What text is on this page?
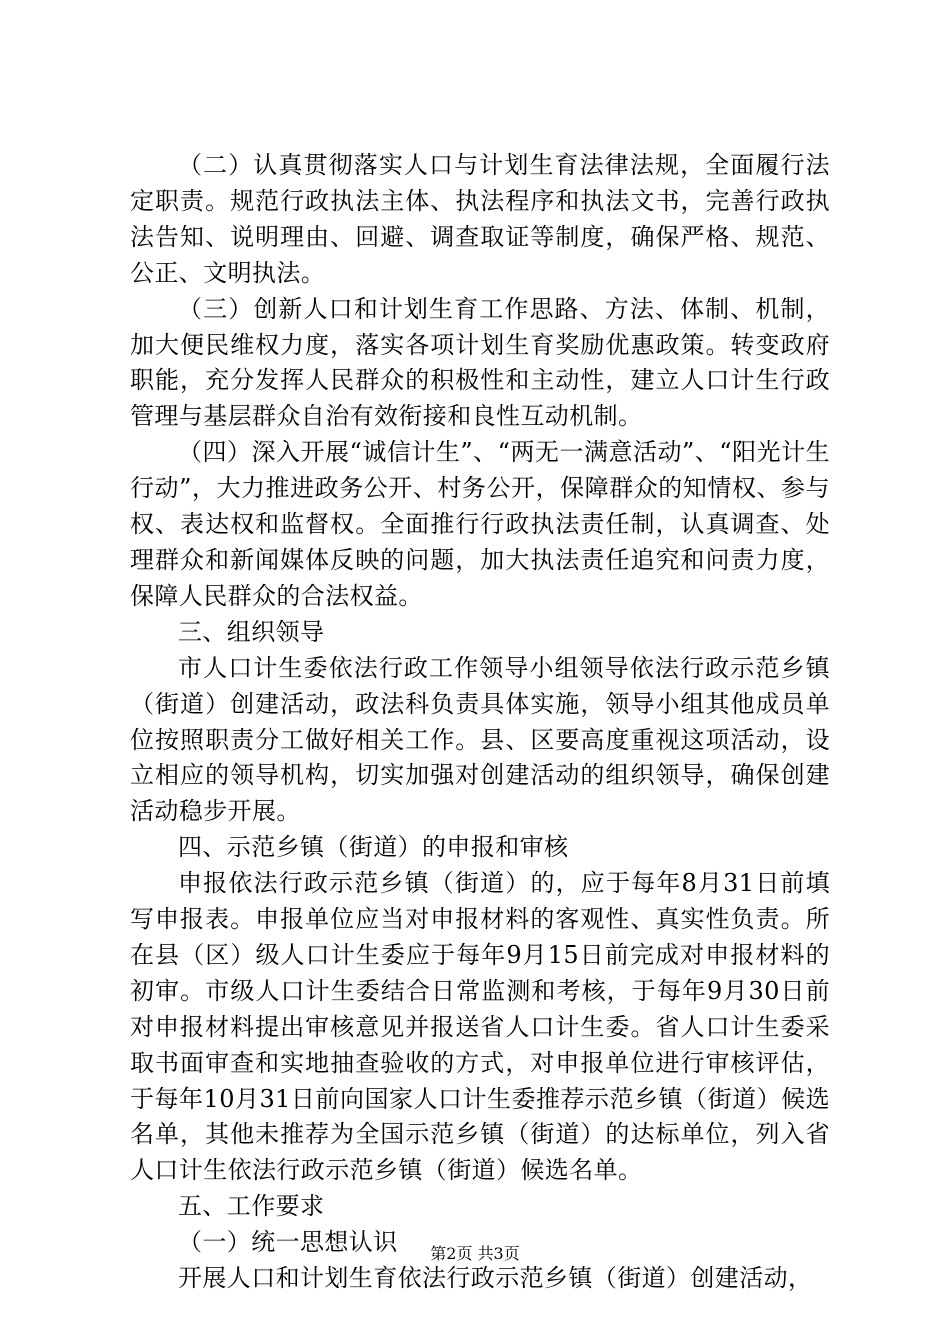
（二）认真贯彻落实人口与计划生育法律法规，全面履行法定职责。规范行政执法主体、执法程序和执法文书，完善行政执法告知、说明理由、回避、调查取证等制度，确保严格、规范、公正、文明执法。

（三）创新人口和计划生育工作思路、方法、体制、机制，加大便民维权力度，落实各项计划生育奖励优惠政策。转变政府职能，充分发挥人民群众的积极性和主动性，建立人口计生行政管理与基层群众自治有效衔接和良性互动机制。

（四）深入开展“诚信计生”、“两无一满意活动”、“阳光计生行动”，大力推进政务公开、村务公开，保障群众的知情权、参与权、表达权和监督权。全面推行行政执法责任制，认真调查、处理群众和新闻媒体反映的问题，加大执法责任追究和问责力度，保障人民群众的合法权益。

三、组织领导

市人口计生委依法行政工作领导小组领导依法行政示范乡镇（街道）创建活动，政法科负责具体实施，领导小组其他成员单位按照职责分工做好相关工作。县、区要高度重视这项活动，设立相应的领导机构，切实加强对创建活动的组织领导，确保创建活动稳步开展。

四、示范乡镇（街道）的申报和审核

申报依法行政示范乡镇（街道）的，应于每年8月31日前填写申报表。申报单位应当对申报材料的客观性、真实性负责。所在县（区）级人口计生委应于每年9月15日前完成对申报材料的初审。市级人口计生委结合日常监测和考核，于每年9月30日前对申报材料提出审核意见并报送省人口计生委。省人口计生委采取书面审查和实地抽查验收的方式，对申报单位进行审核评估，于每年10月31日前向国家人口计生委推荐示范乡镇（街道）候选名单，其他未推荐为全国示范乡镇（街道）的达标单位，列入省人口计生依法行政示范乡镇（街道）候选名单。

五、工作要求

（一）统一思想认识

开展人口和计划生育依法行政示范乡镇（街道）创建活动，

第2页 共3页
